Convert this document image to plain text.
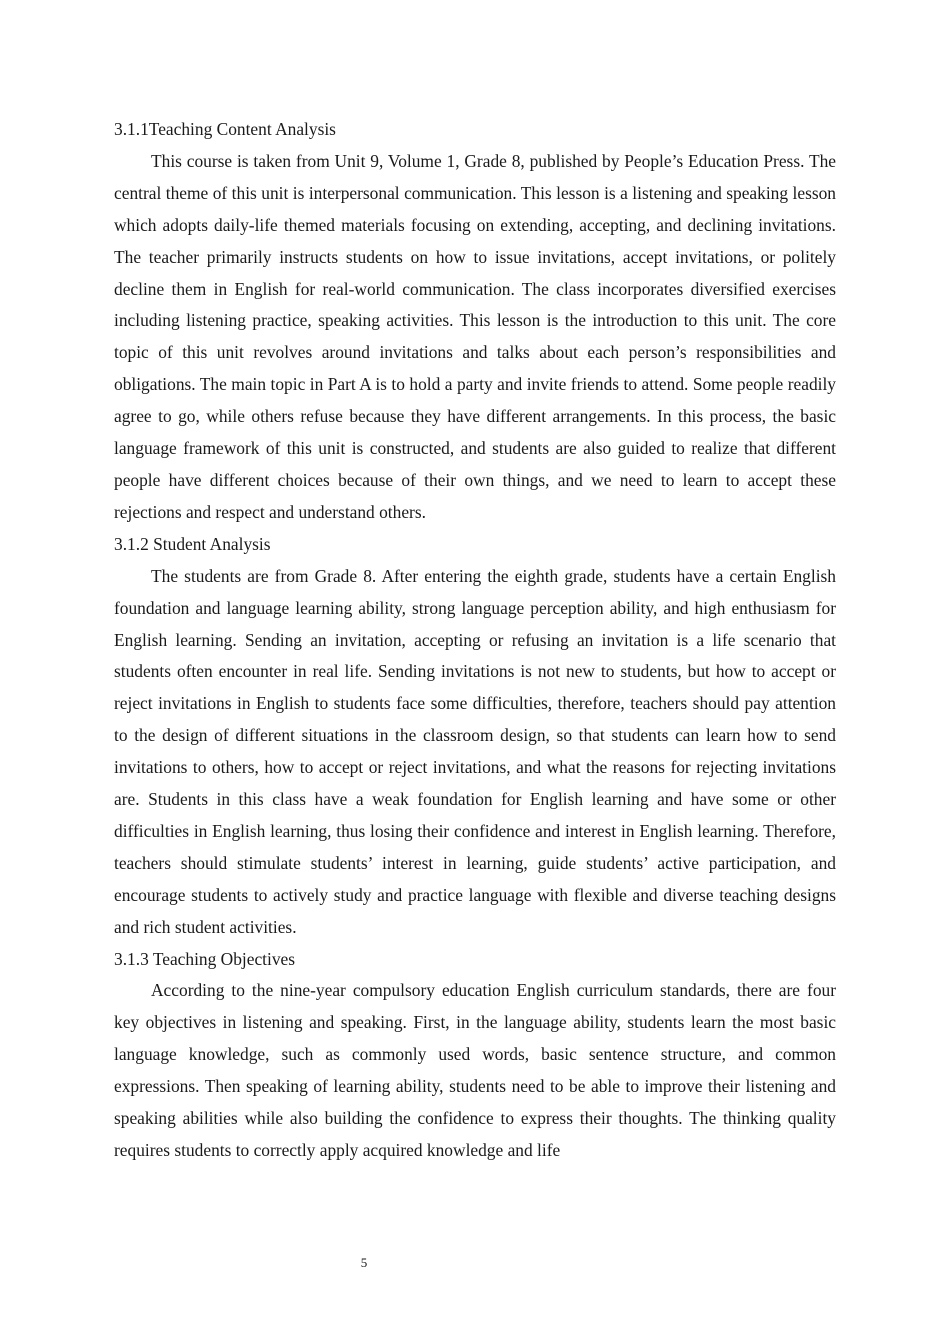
3.1.1Teaching Content Analysis

This course is taken from Unit 9, Volume 1, Grade 8, published by People’s Education Press. The central theme of this unit is interpersonal communication. This lesson is a listening and speaking lesson which adopts daily-life themed materials focusing on extending, accepting, and declining invitations. The teacher primarily instructs students on how to issue invitations, accept invitations, or politely decline them in English for real-world communication. The class incorporates diversified exercises including listening practice, speaking activities. This lesson is the introduction to this unit. The core topic of this unit revolves around invitations and talks about each person’s responsibilities and obligations. The main topic in Part A is to hold a party and invite friends to attend. Some people readily agree to go, while others refuse because they have different arrangements. In this process, the basic language framework of this unit is constructed, and students are also guided to realize that different people have different choices because of their own things, and we need to learn to accept these rejections and respect and understand others.

3.1.2 Student Analysis

The students are from Grade 8. After entering the eighth grade, students have a certain English foundation and language learning ability, strong language perception ability, and high enthusiasm for English learning. Sending an invitation, accepting or refusing an invitation is a life scenario that students often encounter in real life. Sending invitations is not new to students, but how to accept or reject invitations in English to students face some difficulties, therefore, teachers should pay attention to the design of different situations in the classroom design, so that students can learn how to send invitations to others, how to accept or reject invitations, and what the reasons for rejecting invitations are. Students in this class have a weak foundation for English learning and have some or other difficulties in English learning, thus losing their confidence and interest in English learning. Therefore, teachers should stimulate students’ interest in learning, guide students’ active participation, and encourage students to actively study and practice language with flexible and diverse teaching designs and rich student activities.

3.1.3 Teaching Objectives

According to the nine-year compulsory education English curriculum standards, there are four key objectives in listening and speaking. First, in the language ability, students learn the most basic language knowledge, such as commonly used words, basic sentence structure, and common expressions. Then speaking of learning ability, students need to be able to improve their listening and speaking abilities while also building the confidence to express their thoughts. The thinking quality requires students to correctly apply acquired knowledge and life

5
